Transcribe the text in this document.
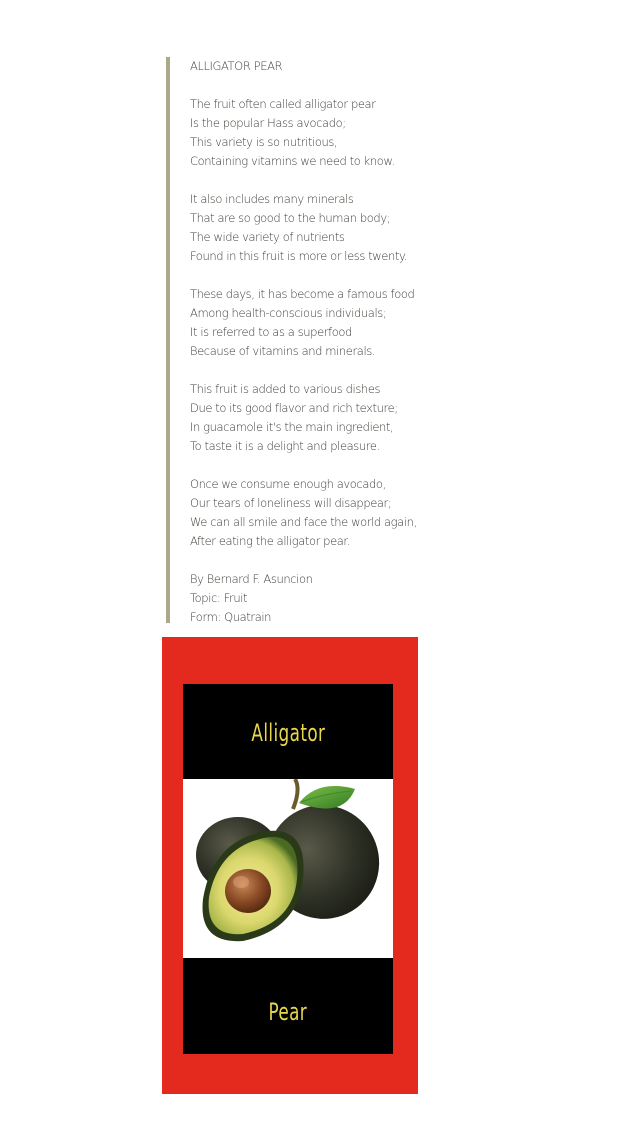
ALLIGATOR PEAR
The fruit often called alligator pear
Is the popular Hass avocado;
This variety is so nutritious,
Containing vitamins we need to know.
It also includes many minerals
That are so good to the human body;
The wide variety of nutrients
Found in this fruit is more or less twenty.
These days, it has become a famous food
Among health-conscious individuals;
It is referred to as a superfood
Because of vitamins and minerals.
This fruit is added to various dishes
Due to its good flavor and rich texture;
In guacamole it's the main ingredient,
To taste it is a delight and pleasure.
Once we consume enough avocado,
Our tears of loneliness will disappear;
We can all smile and face the world again,
After eating the alligator pear.
By Bernard F. Asuncion
Topic: Fruit
Form: Quatrain
Alligator
Pear
